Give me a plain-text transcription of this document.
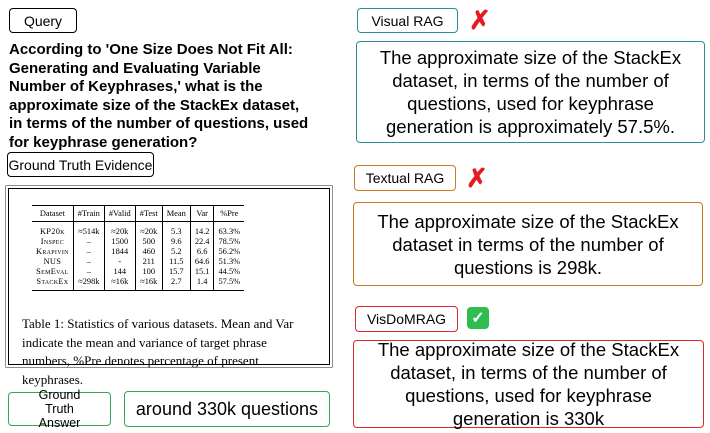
Query
According to 'One Size Does Not Fit All: Generating and Evaluating Variable Number of Keyphrases,' what is the approximate size of the StackEx dataset, in terms of the number of questions, used for keyphrase generation?
Ground Truth Evidence
Dataset	#Train	#Valid	#Test	Mean	Var	%Pre
KP20k	≈514k	≈20k	≈20k	5.3	14.2	63.3%
Inspec	–	1500	500	9.6	22.4	78.5%
Krapivin	–	1844	460	5.2	6.6	56.2%
NUS	–	-	211	11.5	64.6	51.3%
SemEval	–	144	100	15.7	15.1	44.5%
StackEx	≈298k	≈16k	≈16k	2.7	1.4	57.5%
Table 1: Statistics of various datasets. Mean and Var indicate the mean and variance of target phrase numbers, %Pre denotes percentage of present keyphrases.
Ground Truth Answer
around 330k questions
Visual RAG ✗
The approximate size of the StackEx dataset, in terms of the number of questions, used for keyphrase generation is approximately 57.5%.
Textual RAG ✗
The approximate size of the StackEx dataset in terms of the number of questions is 298k.
VisDoMRAG ✓
The approximate size of the StackEx dataset, in terms of the number of questions, used for keyphrase generation is 330k
